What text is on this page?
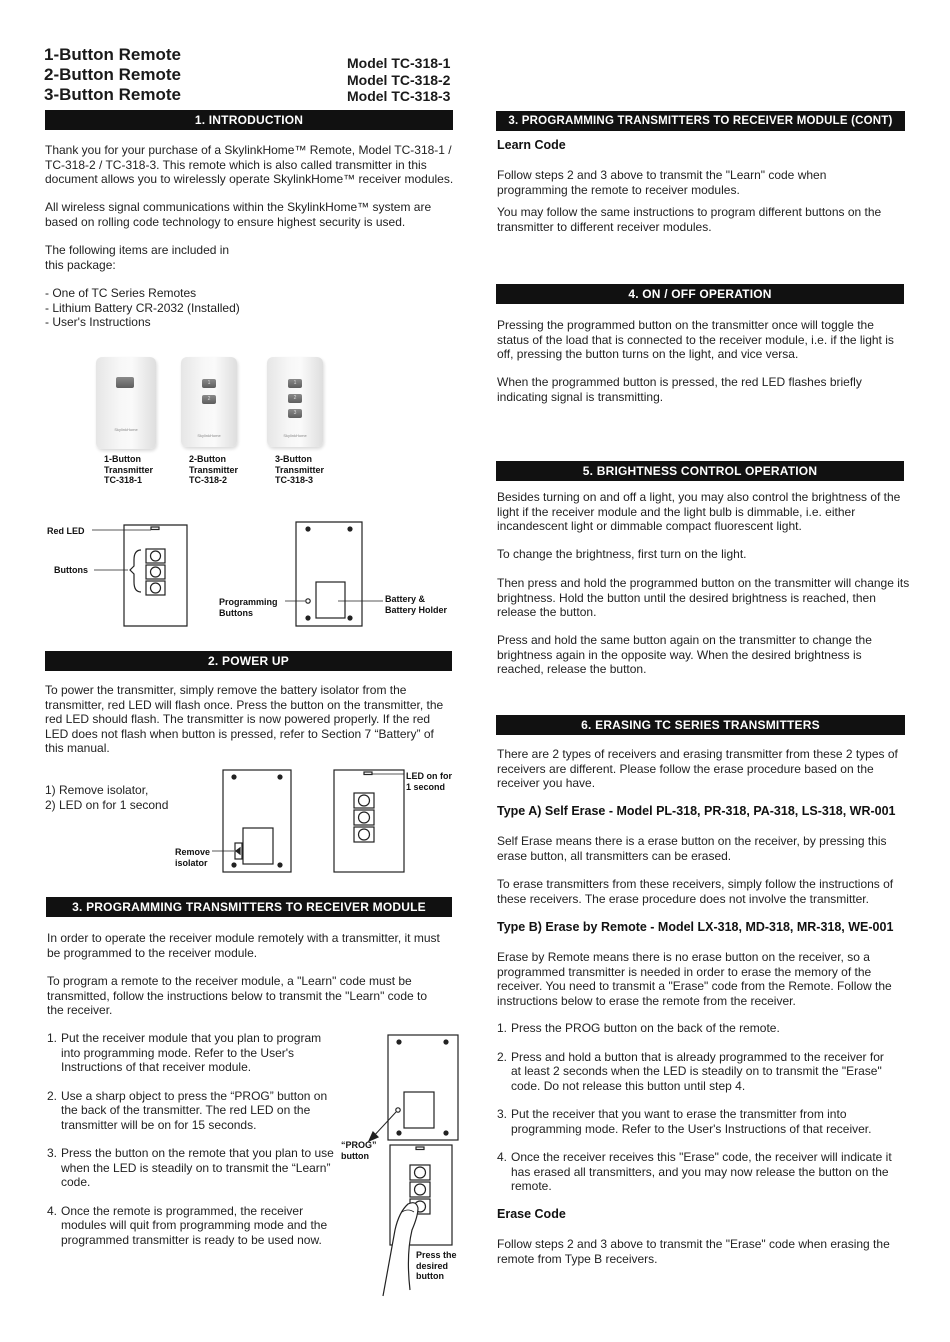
1-Button Remote
2-Button Remote
3-Button Remote
Model TC-318-1
Model TC-318-2
Model TC-318-3
1. INTRODUCTION
Thank you for your purchase of a SkylinkHome™ Remote, Model TC-318-1 / TC-318-2 / TC-318-3. This remote which is also called transmitter in this document allows you to wirelessly operate SkylinkHome™ receiver modules.
All wireless signal communications within the SkylinkHome™ system are based on rolling code technology to ensure highest security is used.
The following items are included in this package:
- One of TC Series Remotes
- Lithium Battery CR-2032 (Installed)
- User's Instructions
SkylinkHome
1
2
SkylinkHome
1
2
3
SkylinkHome
1-Button Transmitter
TC-318-1
2-Button Transmitter
TC-318-2
3-Button Transmitter
TC-318-3
Red LED
Buttons
Programming Buttons
Battery & Battery Holder
2. POWER UP
To power the transmitter, simply remove the battery isolator from the transmitter, red LED will flash once. Press the button on the transmitter, the red LED should flash. The transmitter is now powered properly. If the red LED does not flash when button is pressed, refer to Section 7 “Battery” of this manual.
1) Remove isolator,
2) LED on for 1 second
Remove isolator
LED on for 1 second
3. PROGRAMMING TRANSMITTERS TO RECEIVER MODULE
In order to operate the receiver module remotely with a transmitter, it must be programmed to the receiver module.
To program a remote to the receiver module, a "Learn" code must be transmitted, follow the instructions below to transmit the "Learn" code to the receiver.
1. Put the receiver module that you plan to program into programming mode. Refer to the User's Instructions of that receiver module.
2. Use a sharp object to press the “PROG” button on the back of the transmitter. The red LED on the transmitter will be on for 15 seconds.
3. Press the button on the remote that you plan to use when the LED is steadily on to transmit the “Learn” code.
4. Once the remote is programmed, the receiver modules will quit from programming mode and the programmed transmitter is ready to be used now.
“PROG” button
Press the desired button
3. PROGRAMMING TRANSMITTERS TO RECEIVER MODULE (CONT)
Learn Code
Follow steps 2 and 3 above to transmit the "Learn" code when programming the remote to receiver modules.
You may follow the same instructions to program different buttons on the transmitter to different receiver modules.
4. ON / OFF OPERATION
Pressing the programmed button on the transmitter once will toggle the status of the load that is connected to the receiver module, i.e. if the light is off, pressing the button turns on the light, and vice versa.
When the programmed button is pressed, the red LED flashes briefly indicating signal is transmitting.
5. BRIGHTNESS CONTROL OPERATION
Besides turning on and off a light, you may also control the brightness of the light if the receiver module and the light bulb is dimmable, i.e. either incandescent light or dimmable compact fluorescent light.
To change the brightness, first turn on the light.
Then press and hold the programmed button on the transmitter will change its brightness. Hold the button until the desired brightness is reached, then release the button.
Press and hold the same button again on the transmitter to change the brightness again in the opposite way. When the desired brightness is reached, release the button.
6. ERASING TC SERIES TRANSMITTERS
There are 2 types of receivers and erasing transmitter from these 2 types of receivers are different. Please follow the erase procedure based on the receiver you have.
Type A) Self Erase - Model PL-318, PR-318, PA-318, LS-318, WR-001
Self Erase means there is a erase button on the receiver, by pressing this erase button, all transmitters can be erased.
To erase transmitters from these receivers, simply follow the instructions of these receivers. The erase procedure does not involve the transmitter.
Type B) Erase by Remote - Model LX-318, MD-318, MR-318, WE-001
Erase by Remote means there is no erase button on the receiver, so a programmed transmitter is needed in order to erase the memory of the receiver. You need to transmit a "Erase" code from the Remote. Follow the instructions below to erase the remote from the receiver.
1. Press the PROG button on the back of the remote.
2. Press and hold a button that is already programmed to the receiver for at least 2 seconds when the LED is steadily on to transmit the "Erase" code. Do not release this button until step 4.
3. Put the receiver that you want to erase the transmitter from into programming mode. Refer to the User's Instructions of that receiver.
4. Once the receiver receives this "Erase" code, the receiver will indicate it has erased all transmitters, and you may now release the button on the remote.
Erase Code
Follow steps 2 and 3 above to transmit the "Erase" code when erasing the remote from Type B receivers.
